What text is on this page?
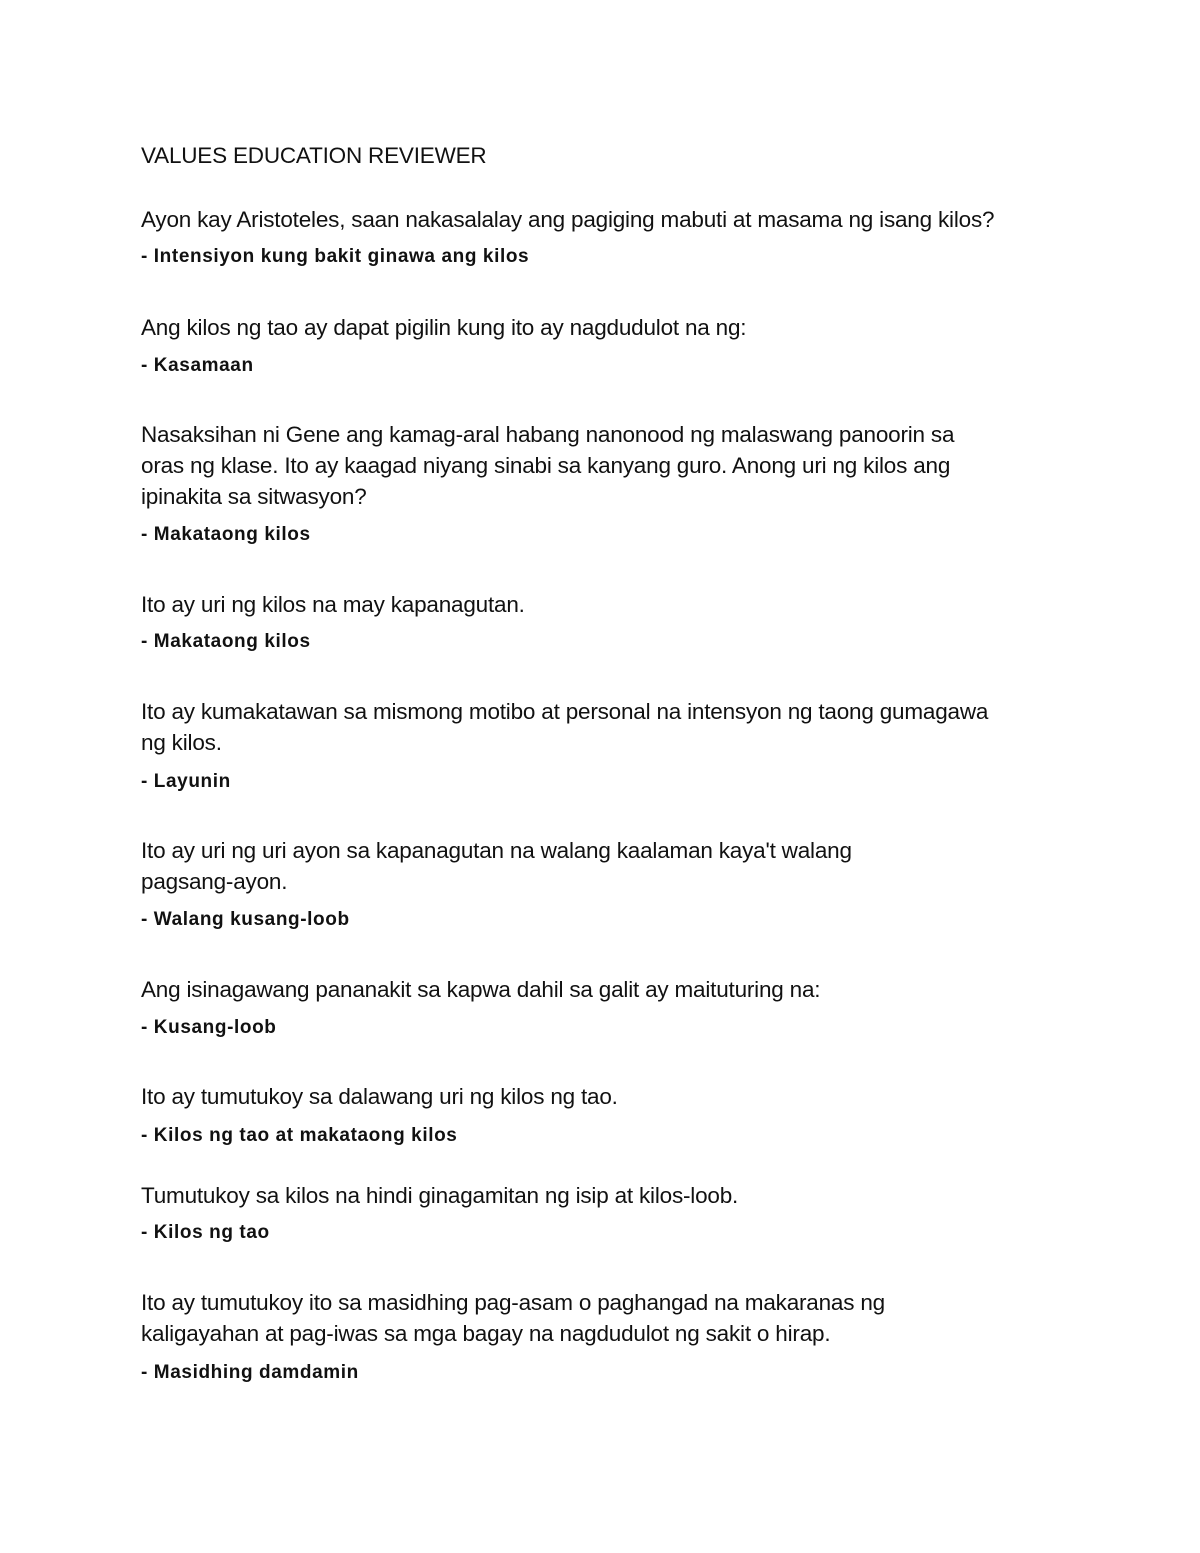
VALUES EDUCATION REVIEWER
Ayon kay Aristoteles, saan nakasalalay ang pagiging mabuti at masama ng isang kilos?
- Intensiyon kung bakit ginawa ang kilos
Ang kilos ng tao ay dapat pigilin kung ito ay nagdudulot na ng:
- Kasamaan
Nasaksihan ni Gene ang kamag-aral habang nanonood ng malaswang panoorin sa
oras ng klase. Ito ay kaagad niyang sinabi sa kanyang guro. Anong uri ng kilos ang
ipinakita sa sitwasyon?
- Makataong kilos
Ito ay uri ng kilos na may kapanagutan.
- Makataong kilos
Ito ay kumakatawan sa mismong motibo at personal na intensyon ng taong gumagawa
ng kilos.
- Layunin
Ito ay uri ng uri ayon sa kapanagutan na walang kaalaman kaya't walang
pagsang-ayon.
- Walang kusang-loob
Ang isinagawang pananakit sa kapwa dahil sa galit ay maituturing na:
- Kusang-loob
Ito ay tumutukoy sa dalawang uri ng kilos ng tao.
- Kilos ng tao at makataong kilos
Tumutukoy sa kilos na hindi ginagamitan ng isip at kilos-loob.
- Kilos ng tao
Ito ay tumutukoy ito sa masidhing pag-asam o paghangad na makaranas ng
kaligayahan at pag-iwas sa mga bagay na nagdudulot ng sakit o hirap.
- Masidhing damdamin
